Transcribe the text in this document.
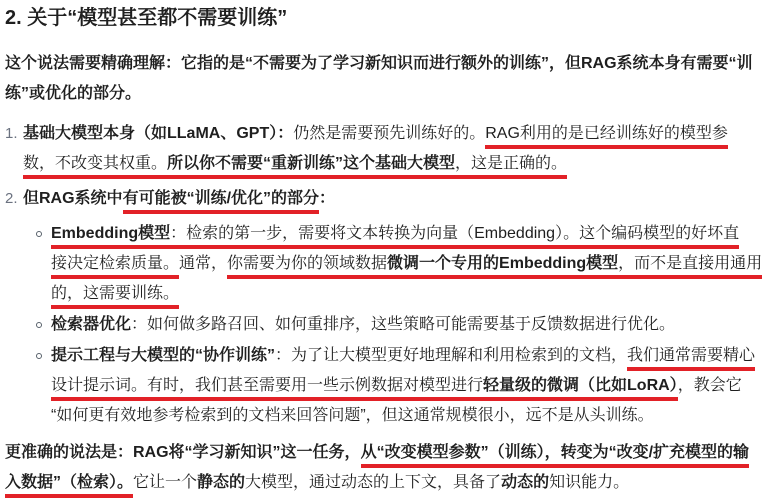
2. 关于“模型甚至都不需要训练”
这个说法需要精确理解：它指的是“不需要为了学习新知识而进行额外的训练”，但RAG系统本身有需要“训
练”或优化的部分。
1. 基础大模型本身（如LLaMA、GPT）：仍然是需要预先训练好的。RAG利用的是已经训练好的模型参
数，不改变其权重。所以你不需要“重新训练”这个基础大模型，这是正确的。
2. 但RAG系统中有可能被“训练/优化”的部分：
Embedding模型：检索的第一步，需要将文本转换为向量（Embedding）。这个编码模型的好坏直
接决定检索质量。通常，你需要为你的领域数据微调一个专用的Embedding模型，而不是直接用通用
的，这需要训练。
检索器优化：如何做多路召回、如何重排序，这些策略可能需要基于反馈数据进行优化。
提示工程与大模型的“协作训练”：为了让大模型更好地理解和利用检索到的文档，我们通常需要精心
设计提示词。有时，我们甚至需要用一些示例数据对模型进行轻量级的微调（比如LoRA），教会它
“如何更有效地参考检索到的文档来回答问题”，但这通常规模很小，远不是从头训练。
更准确的说法是：RAG将“学习新知识”这一任务，从“改变模型参数”（训练），转变为“改变/扩充模型的输
入数据”（检索）。它让一个静态的大模型，通过动态的上下文，具备了动态的知识能力。
